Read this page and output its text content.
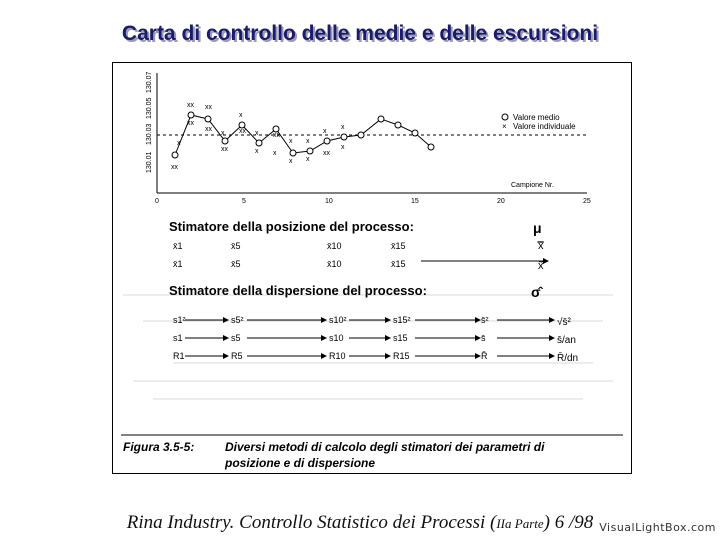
Carta di controllo delle medie e delle escursioni
130.01
130.03
130.05
130.07
0	5	10	15	20	25
Campione Nr.
xx
x
xx
xx
xx
xx
x
xx
x
xx x
x
xx
x
x
x
x
x
x
xx
x
x
Valore medio
× Valore individuale
Stimatore della posizione del processo:	μ
x̄1	x̄5	x̄10	x̄15	x̿
x̄1	x̄5	x̄10	x̄15	x̃̄
Stimatore della dispersione del processo:	σ̂
s1²	s5²	s10²	s15²	s̄²	√s̄²
s1	s5	s10	s15	s̄	s̄/an
R1	R5	R10	R15	R̄	R̄/dn
Figura 3.5-5:	Diversi metodi di calcolo degli stimatori dei parametri di
posizione e di dispersione
Rina Industry. Controllo Statistico dei Processi (IIa Parte) 6 /98 VisualLightBox.com
